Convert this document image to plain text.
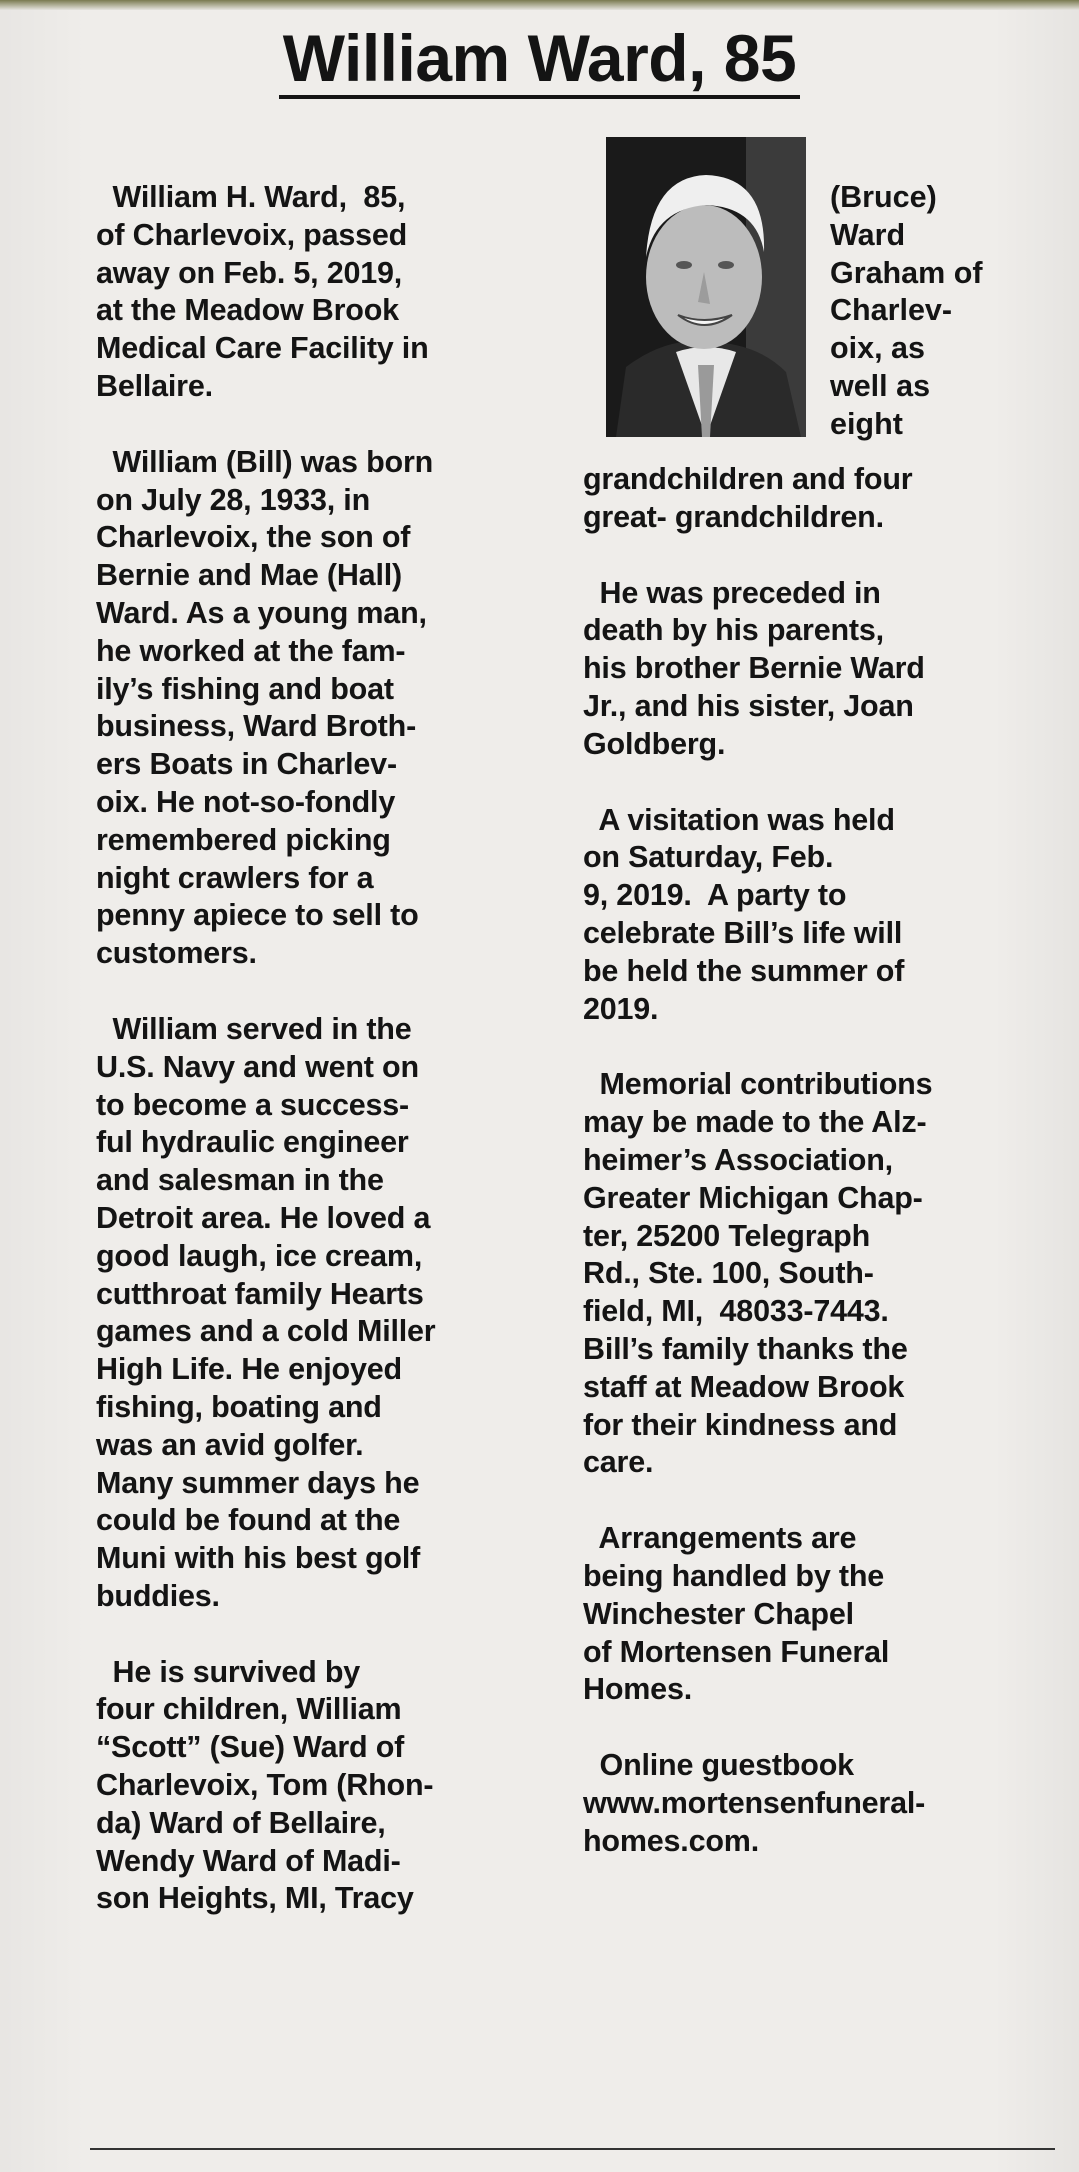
William Ward, 85

(Bruce)
Ward
Graham of
Charlev-
oix, as
well as
eight

William H. Ward,  85,
of Charlevoix, passed
away on Feb. 5, 2019,
at the Meadow Brook
Medical Care Facility in
Bellaire.

William (Bill) was born
on July 28, 1933, in
Charlevoix, the son of
Bernie and Mae (Hall)
Ward. As a young man,
he worked at the fam-
ily’s fishing and boat
business, Ward Broth-
ers Boats in Charlev-
oix. He not-so-fondly
remembered picking
night crawlers for a
penny apiece to sell to
customers.

William served in the
U.S. Navy and went on
to become a success-
ful hydraulic engineer
and salesman in the
Detroit area. He loved a
good laugh, ice cream,
cutthroat family Hearts
games and a cold Miller
High Life. He enjoyed
fishing, boating and
was an avid golfer.
Many summer days he
could be found at the
Muni with his best golf
buddies.

He is survived by
four children, William
“Scott” (Sue) Ward of
Charlevoix, Tom (Rhon-
da) Ward of Bellaire,
Wendy Ward of Madi-
son Heights, MI, Tracy

grandchildren and four
great- grandchildren.

He was preceded in
death by his parents,
his brother Bernie Ward
Jr., and his sister, Joan
Goldberg.

A visitation was held
on Saturday, Feb.
9, 2019.  A party to
celebrate Bill’s life will
be held the summer of
2019.

Memorial contributions
may be made to the Alz-
heimer’s Association,
Greater Michigan Chap-
ter, 25200 Telegraph
Rd., Ste. 100, South-
field, MI,  48033-7443.
Bill’s family thanks the
staff at Meadow Brook
for their kindness and
care.

Arrangements are
being handled by the
Winchester Chapel
of Mortensen Funeral
Homes.

Online guestbook
www.mortensenfuneral-
homes.com.
